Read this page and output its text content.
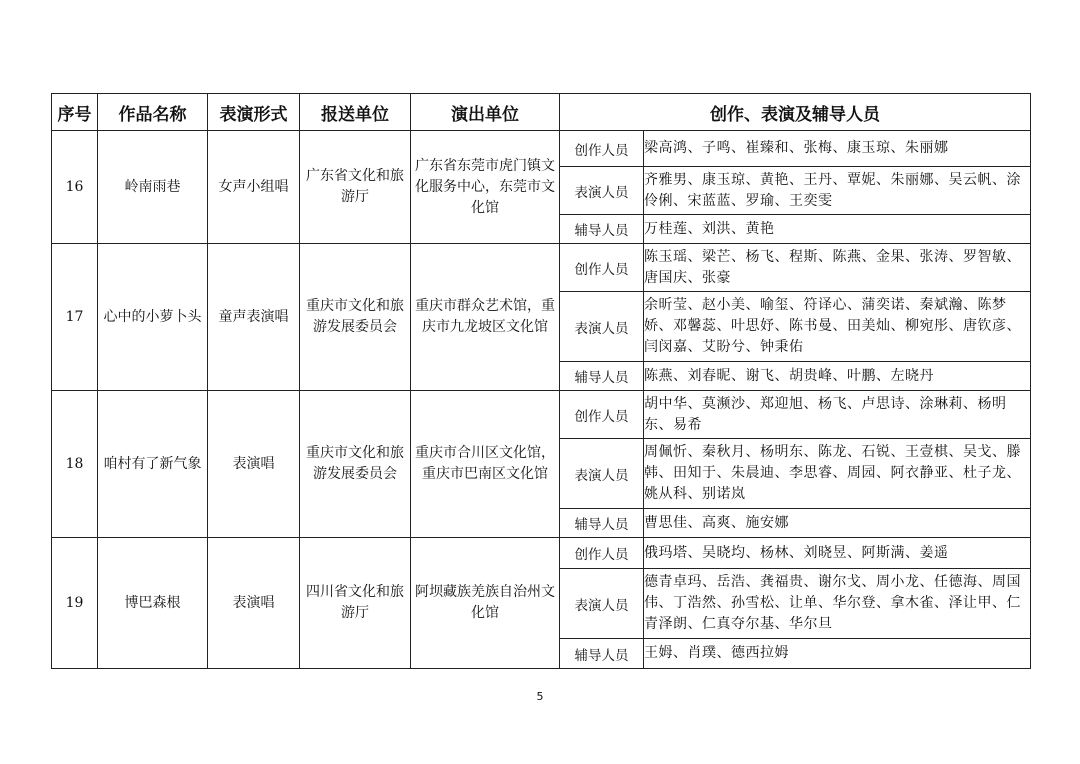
序号	作品名称	表演形式	报送单位	演出单位	创作、表演及辅导人员	
16	岭南雨巷	女声小组唱	广东省文化和旅游厅	广东省东莞市虎门镇文化服务中心，东莞市文化馆	创作人员	梁高鸿、子鸣、崔臻和、张梅、康玉琼、朱丽娜
					表演人员	齐雅男、康玉琼、黄艳、王丹、覃妮、朱丽娜、吴云帆、涂伶俐、宋蓝蓝、罗瑜、王奕雯
					辅导人员	万桂莲、刘洪、黄艳
17	心中的小萝卜头	童声表演唱	重庆市文化和旅游发展委员会	重庆市群众艺术馆，重庆市九龙坡区文化馆	创作人员	陈玉瑶、梁芒、杨飞、程斯、陈燕、金果、张涛、罗智敏、唐国庆、张豪
					表演人员	余昕莹、赵小美、喻玺、符译心、蒲奕诺、秦斌瀚、陈梦娇、邓馨蕊、叶思妤、陈书曼、田美灿、柳宛彤、唐钦彦、闫闵嘉、艾盼兮、钟秉佑
					辅导人员	陈燕、刘春昵、谢飞、胡贵峰、叶鹏、左晓丹
18	咱村有了新气象	表演唱	重庆市文化和旅游发展委员会	重庆市合川区文化馆，重庆市巴南区文化馆	创作人员	胡中华、莫濒沙、郑迎旭、杨飞、卢思诗、涂琳莉、杨明东、易希
					表演人员	周佩忻、秦秋月、杨明东、陈龙、石锐、王壹棋、吴戈、滕韩、田知于、朱晨迪、李思睿、周园、阿衣静亚、杜子龙、姚从科、别诺岚
					辅导人员	曹思佳、高爽、施安娜
19	博巴森根	表演唱	四川省文化和旅游厅	阿坝藏族羌族自治州文化馆	创作人员	俄玛塔、吴晓均、杨林、刘晓昱、阿斯满、姜遥
					表演人员	德青卓玛、岳浩、龚福贵、谢尔戈、周小龙、任德海、周国伟、丁浩然、孙雪松、让单、华尔登、拿木雀、泽让甲、仁青泽朗、仁真夺尔基、华尔旦
					辅导人员	王姆、肖璞、德西拉姆
5
